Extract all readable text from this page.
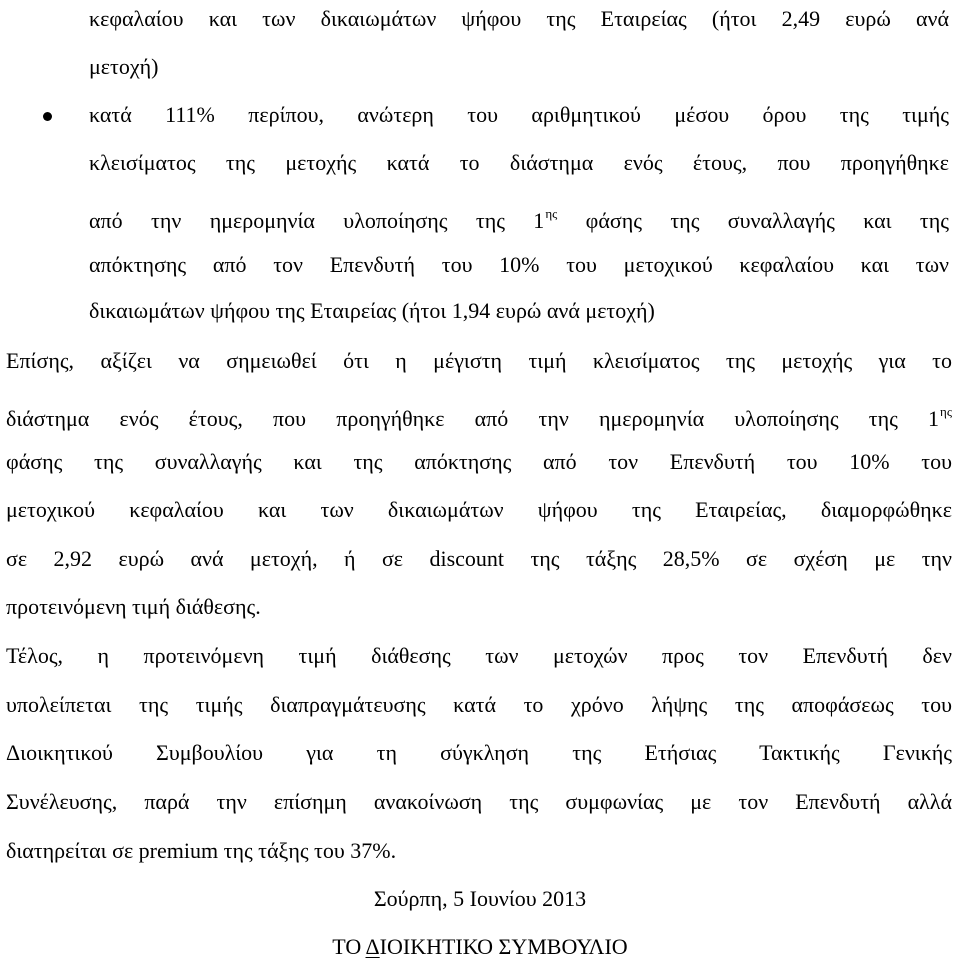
κεφαλαίου και των δικαιωμάτων ψήφου της Εταιρείας (ήτοι 2,49 ευρώ ανά
μετοχή)
κατά 111% περίπου, ανώτερη του αριθμητικού μέσου όρου της τιμής
κλεισίματος της μετοχής κατά το διάστημα ενός έτους, που προηγήθηκε
από την ημερομηνία υλοποίησης της $1^{\eta\varsigma}$ φάσης της συναλλαγής και της
απόκτησης από τον Επενδυτή του 10% του μετοχικού κεφαλαίου και των
δικαιωμάτων ψήφου της Εταιρείας (ήτοι 1,94 ευρώ ανά μετοχή)
Επίσης, αξίζει να σημειωθεί ότι η μέγιστη τιμή κλεισίματος της μετοχής για το
διάστημα ενός έτους, που προηγήθηκε από την ημερομηνία υλοποίησης της $1^{\eta\varsigma}$
φάσης της συναλλαγής και της απόκτησης από τον Επενδυτή του 10% του
μετοχικού κεφαλαίου και των δικαιωμάτων ψήφου της Εταιρείας, διαμορφώθηκε
σε 2,92 ευρώ ανά μετοχή, ή σε discount της τάξης 28,5% σε σχέση με την
προτεινόμενη τιμή διάθεσης.
Τέλος, η προτεινόμενη τιμή διάθεσης των μετοχών προς τον Επενδυτή δεν
υπολείπεται της τιμής διαπραγμάτευσης κατά το χρόνο λήψης της αποφάσεως του
Διοικητικού Συμβουλίου για τη σύγκληση της Ετήσιας Τακτικής Γενικής
Συνέλευσης, παρά την επίσημη ανακοίνωση της συμφωνίας με τον Επενδυτή αλλά
διατηρείται σε premium της τάξης του 37%.
Σούρπη, 5 Ιουνίου 2013
ΤΟ ΔΙΟΙΚΗΤΙΚΟ ΣΥΜΒΟΥΛΙΟ
